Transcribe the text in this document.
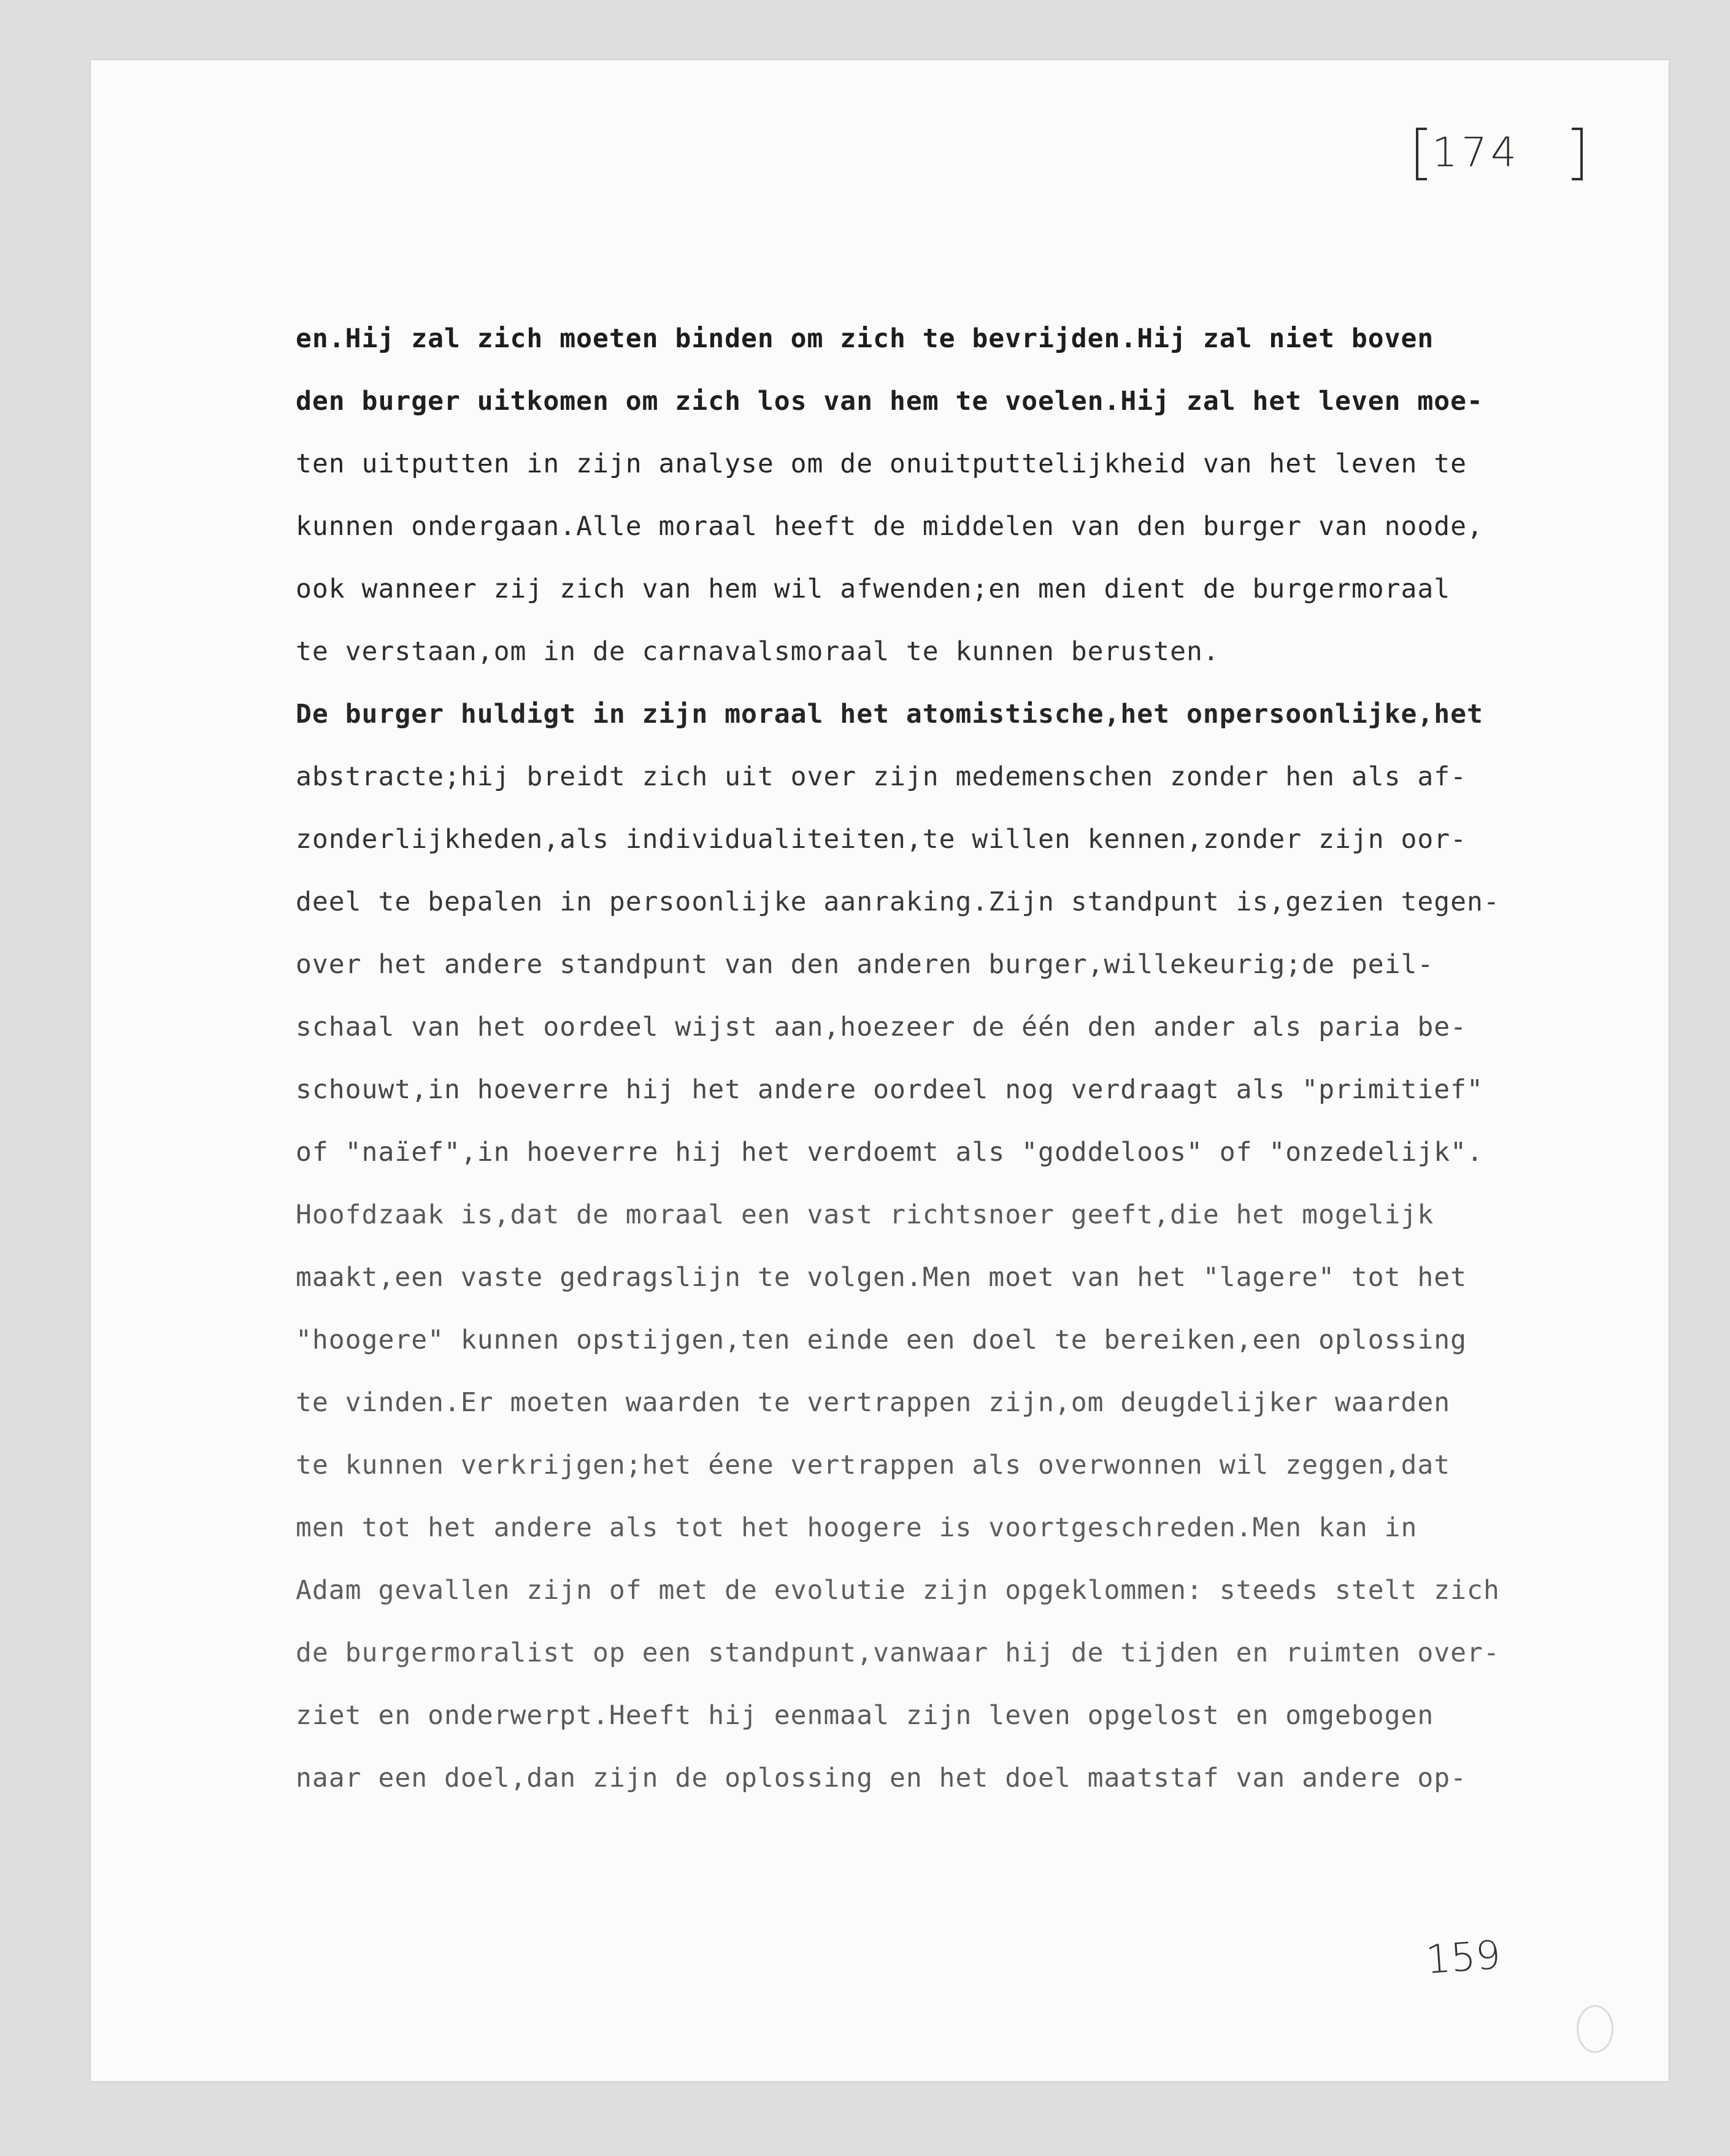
174
en.Hij zal zich moeten binden om zich te bevrijden.Hij zal niet boven
den burger uitkomen om zich los van hem te voelen.Hij zal het leven moe-
ten uitputten in zijn analyse om de onuitputtelijkheid van het leven te
kunnen ondergaan.Alle moraal heeft de middelen van den burger van noode,
ook wanneer zij zich van hem wil afwenden;en men dient de burgermoraal
te verstaan,om in de carnavalsmoraal te kunnen berusten.
De burger huldigt in zijn moraal het atomistische,het onpersoonlijke,het
abstracte;hij breidt zich uit over zijn medemenschen zonder hen als af-
zonderlijkheden,als individualiteiten,te willen kennen,zonder zijn oor-
deel te bepalen in persoonlijke aanraking.Zijn standpunt is,gezien tegen-
over het andere standpunt van den anderen burger,willekeurig;de peil-
schaal van het oordeel wijst aan,hoezeer de één den ander als paria be-
schouwt,in hoeverre hij het andere oordeel nog verdraagt als "primitief"
of "naïef",in hoeverre hij het verdoemt als "goddeloos" of "onzedelijk".
Hoofdzaak is,dat de moraal een vast richtsnoer geeft,die het mogelijk
maakt,een vaste gedragslijn te volgen.Men moet van het "lagere" tot het
"hoogere" kunnen opstijgen,ten einde een doel te bereiken,een oplossing
te vinden.Er moeten waarden te vertrappen zijn,om deugdelijker waarden
te kunnen verkrijgen;het éene vertrappen als overwonnen wil zeggen,dat
men tot het andere als tot het hoogere is voortgeschreden.Men kan in
Adam gevallen zijn of met de evolutie zijn opgeklommen: steeds stelt zich
de burgermoralist op een standpunt,vanwaar hij de tijden en ruimten over-
ziet en onderwerpt.Heeft hij eenmaal zijn leven opgelost en omgebogen
naar een doel,dan zijn de oplossing en het doel maatstaf van andere op-
159
